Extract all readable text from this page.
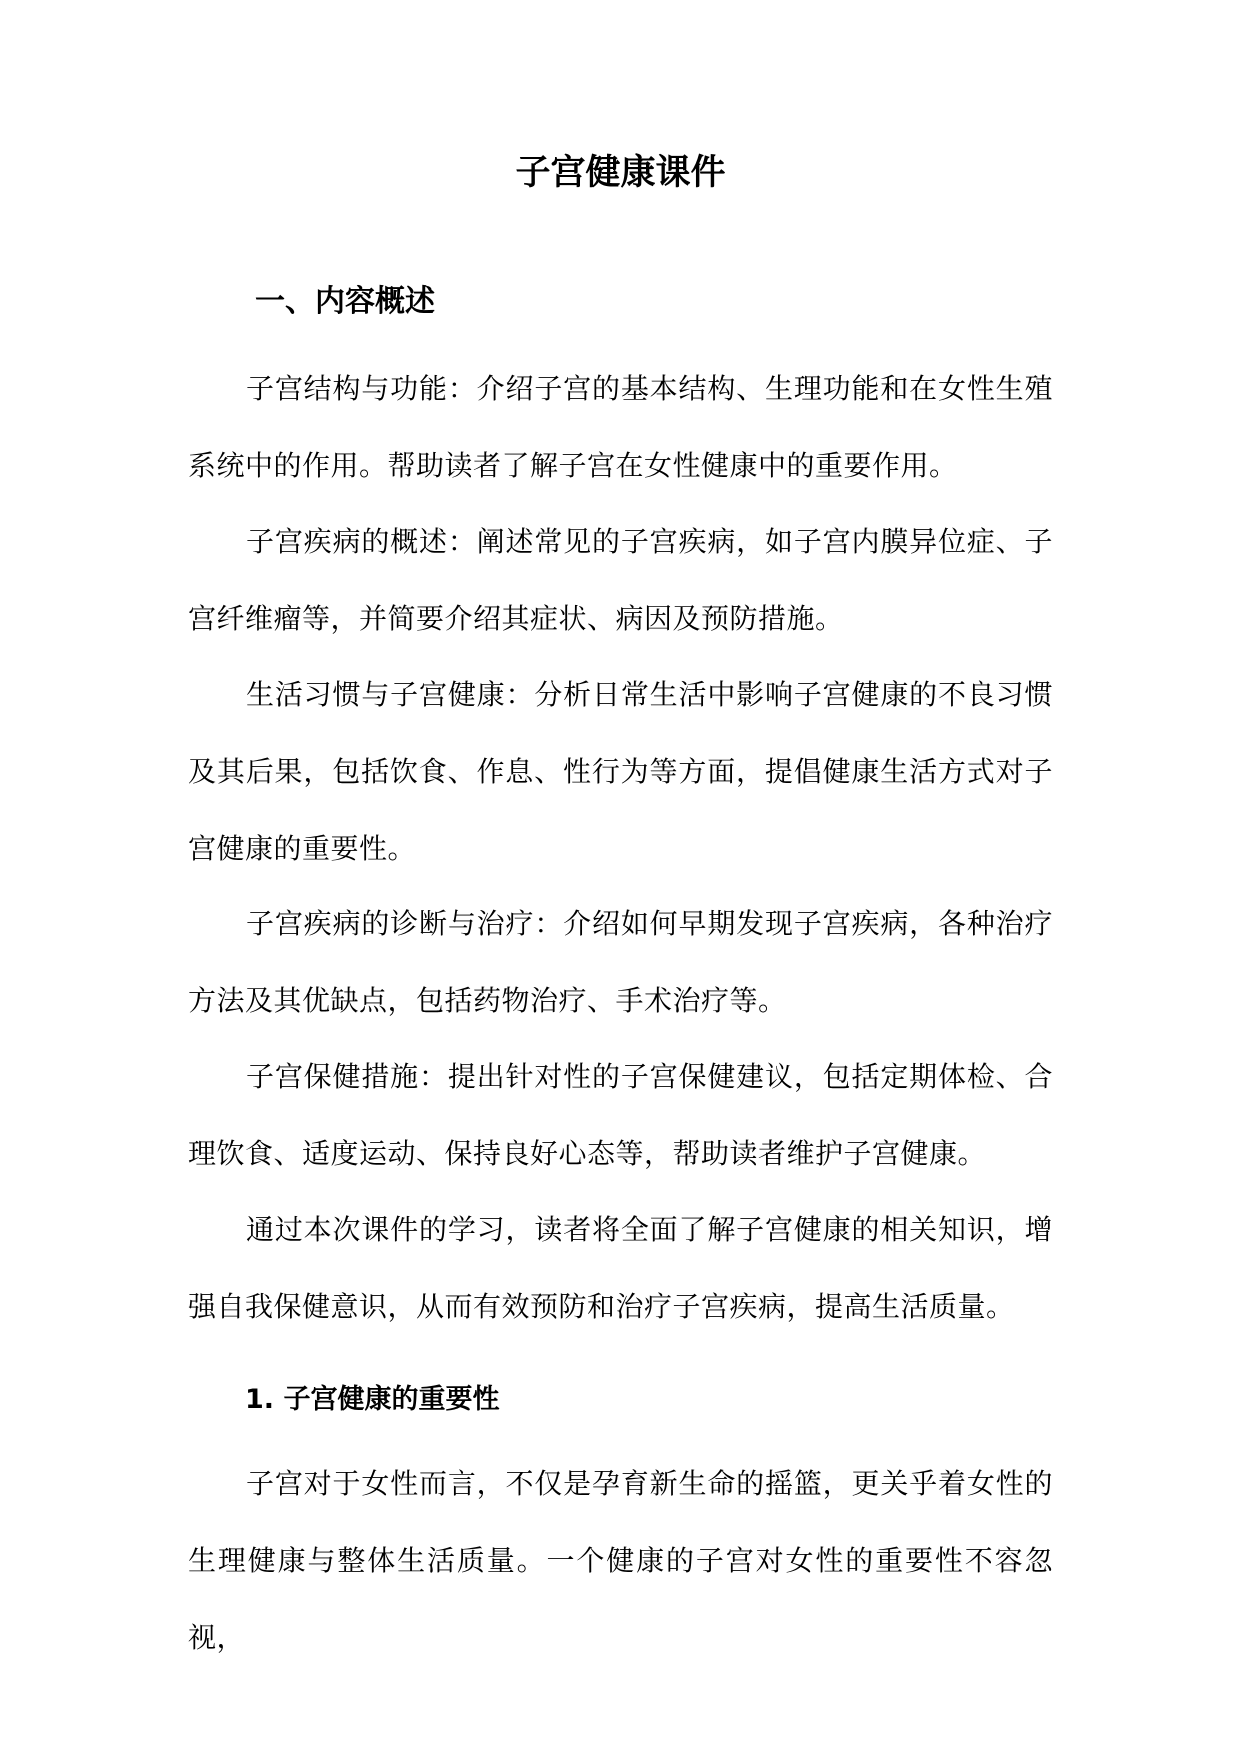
子宫健康课件
一、内容概述

子宫结构与功能：介绍子宫的基本结构、生理功能和在女性生殖系统中的作用。帮助读者了解子宫在女性健康中的重要作用。

子宫疾病的概述：阐述常见的子宫疾病，如子宫内膜异位症、子宫纤维瘤等，并简要介绍其症状、病因及预防措施。

生活习惯与子宫健康：分析日常生活中影响子宫健康的不良习惯及其后果，包括饮食、作息、性行为等方面，提倡健康生活方式对子宫健康的重要性。

子宫疾病的诊断与治疗：介绍如何早期发现子宫疾病，各种治疗方法及其优缺点，包括药物治疗、手术治疗等。

子宫保健措施：提出针对性的子宫保健建议，包括定期体检、合理饮食、适度运动、保持良好心态等，帮助读者维护子宫健康。

通过本次课件的学习，读者将全面了解子宫健康的相关知识，增强自我保健意识，从而有效预防和治疗子宫疾病，提高生活质量。

1. 子宫健康的重要性

子宫对于女性而言，不仅是孕育新生命的摇篮，更关乎着女性的生理健康与整体生活质量。一个健康的子宫对女性的重要性不容忽视，
